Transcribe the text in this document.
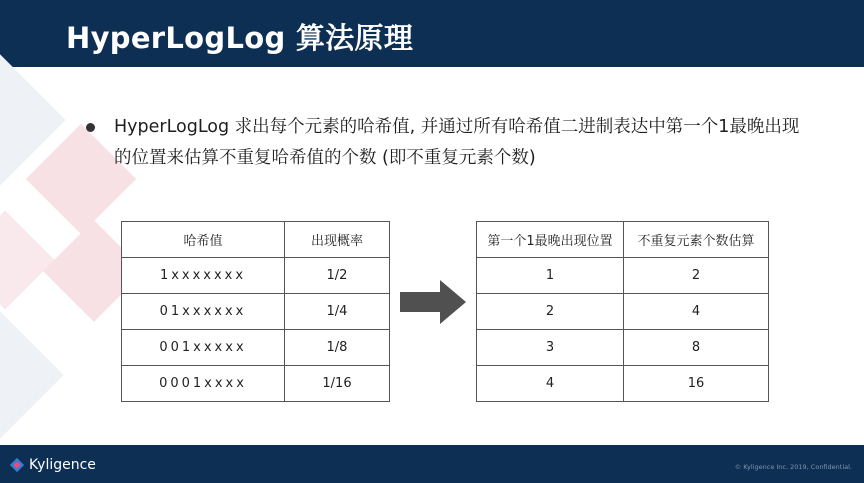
HyperLogLog 算法原理
HyperLogLog 求出每个元素的哈希值, 并通过所有哈希值二进制表达中第一个1最晚出现的位置来估算不重复哈希值的个数 (即不重复元素个数)
哈希值	出现概率
1xxxxxxx	1/2
01xxxxxx	1/4
001xxxxx	1/8
0001xxxx	1/16
第一个1最晚出现位置	不重复元素个数估算
1	2
2	4
3	8
4	16
Kyligence	© Kyligence Inc. 2019, Confidential.
